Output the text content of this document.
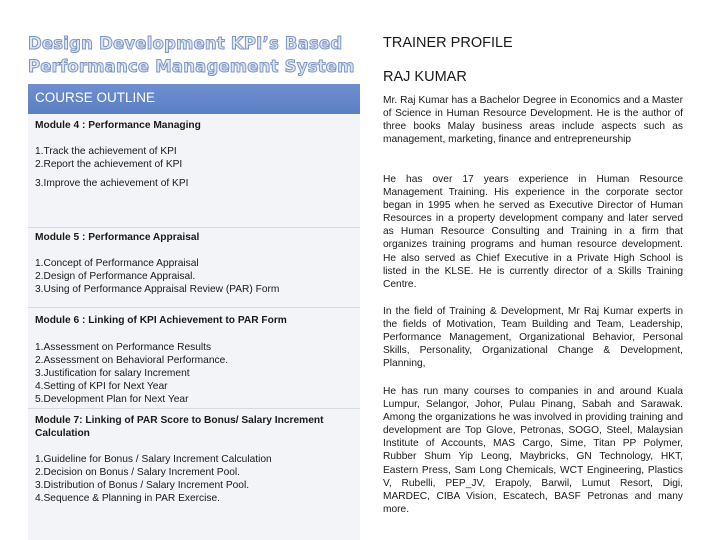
Design Development KPI’s Based
Performance Management System
COURSE OUTLINE
Module 4 : Performance Managing
1.Track the achievement of KPI
2.Report the achievement of KPI
3.Improve the achievement of KPI
Module 5 : Performance Appraisal
1.Concept of Performance Appraisal
2.Design of Performance Appraisal.
3.Using of Performance Appraisal Review (PAR) Form
Module 6 : Linking of KPI Achievement to PAR Form
1.Assessment on Performance Results
2.Assessment on Behavioral Performance.
3.Justification for salary Increment
4.Setting of KPI for Next Year
5.Development Plan for Next Year
Module 7: Linking of PAR Score to Bonus/ Salary Increment Calculation
1.Guideline for Bonus / Salary Increment Calculation
2.Decision on Bonus / Salary Increment Pool.
3.Distribution of Bonus / Salary Increment Pool.
4.Sequence & Planning in PAR Exercise.
TRAINER PROFILE
RAJ KUMAR
Mr. Raj Kumar has a Bachelor Degree in Economics and a Master of Science in Human Resource Development. He is the author of three books Malay business areas include aspects such as management, marketing, finance and entrepreneurship
He has over 17 years experience in Human Resource Management Training. His experience in the corporate sector began in 1995 when he served as Executive Director of Human Resources in a property development company and later served as Human Resource Consulting and Training in a firm that organizes training programs and human resource development. He also served as Chief Executive in a Private High School is listed in the KLSE. He is currently director of a Skills Training Centre.
In the field of Training & Development, Mr Raj Kumar experts in the fields of Motivation, Team Building and Team, Leadership, Performance Management, Organizational Behavior, Personal Skills, Personality, Organizational Change & Development, Planning,
He has run many courses to companies in and around Kuala Lumpur, Selangor, Johor, Pulau Pinang, Sabah and Sarawak. Among the organizations he was involved in providing training and development are Top Glove, Petronas, SOGO, Steel, Malaysian Institute of Accounts, MAS Cargo, Sime, Titan PP Polymer, Rubber Shum Yip Leong, Maybricks, GN Technology, HKT, Eastern Press, Sam Long Chemicals, WCT Engineering, Plastics V, Rubelli, PEP_JV, Erapoly, Barwil, Lumut Resort, Digi, MARDEC, CIBA Vision, Escatech, BASF Petronas and many more.
